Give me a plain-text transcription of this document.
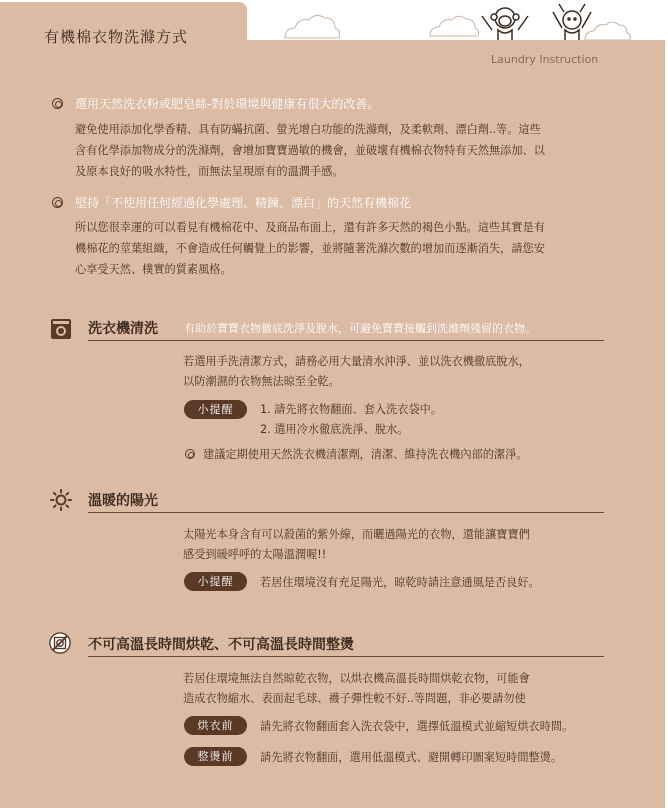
有機棉衣物洗滌方式
Laundry Instruction
選用天然洗衣粉或肥皂絲-對於環境與健康有很大的改善。
避免使用添加化學香精、具有防蟎抗菌、螢光增白功能的洗滌劑，及柔軟劑、漂白劑..等。這些
含有化學添加物成分的洗滌劑，會增加寶寶過敏的機會，並破壞有機棉衣物特有天然無添加、以
及原本良好的吸水特性，而無法呈現原有的溫潤手感。
堅持「不使用任何經過化學處理、精鍊、漂白」的天然有機棉花
所以您很幸運的可以看見有機棉花中、及商品布面上，還有許多天然的褐色小點。這些其實是有
機棉花的莖葉組織，不會造成任何觸覺上的影響，並將隨著洗滌次數的增加而逐漸消失，請您安
心享受天然、樸實的質素風格。
洗衣機清洗 有助於寶寶衣物徹底洗淨及脫水，可避免寶寶接觸到洗滌劑殘留的衣物。
若選用手洗清潔方式，請務必用大量清水沖淨、並以洗衣機徹底脫水，
以防潮濕的衣物無法晾至全乾。
小提醒	1. 請先將衣物翻面、套入洗衣袋中。
2. 選用冷水徹底洗淨、脫水。
建議定期使用天然洗衣機清潔劑，清潔、維持洗衣機內部的潔淨。
溫暖的陽光
太陽光本身含有可以殺菌的紫外線，而曬過陽光的衣物，還能讓寶寶們
感受到暖呼呼的太陽溫潤喔!!
小提醒	若居住環境沒有充足陽光，晾乾時請注意通風是否良好。
不可高溫長時間烘乾、不可高溫長時間整燙
若居住環境無法自然晾乾衣物，以烘衣機高溫長時間烘乾衣物，可能會
造成衣物縮水、表面起毛球、襪子彈性較不好..等問題，非必要請勿使
烘衣前	請先將衣物翻面套入洗衣袋中，選擇低溫模式並縮短烘衣時間。
整燙前	請先將衣物翻面，選用低溫模式、避開轉印圖案短時間整燙。
